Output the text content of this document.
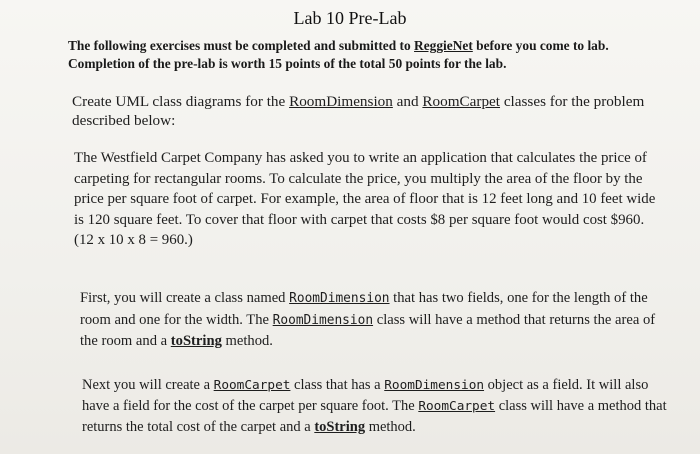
Lab 10 Pre-Lab
The following exercises must be completed and submitted to ReggieNet before you come to lab. Completion of the pre-lab is worth 15 points of the total 50 points for the lab.
Create UML class diagrams for the RoomDimension and RoomCarpet classes for the problem described below:
The Westfield Carpet Company has asked you to write an application that calculates the price of carpeting for rectangular rooms. To calculate the price, you multiply the area of the floor by the price per square foot of carpet. For example, the area of floor that is 12 feet long and 10 feet wide is 120 square feet. To cover that floor with carpet that costs $8 per square foot would cost $960. (12 x 10 x 8 = 960.)
First, you will create a class named RoomDimension that has two fields, one for the length of the room and one for the width. The RoomDimension class will have a method that returns the area of the room and a toString method.
Next you will create a RoomCarpet class that has a RoomDimension object as a field. It will also have a field for the cost of the carpet per square foot. The RoomCarpet class will have a method that returns the total cost of the carpet and a toString method.
